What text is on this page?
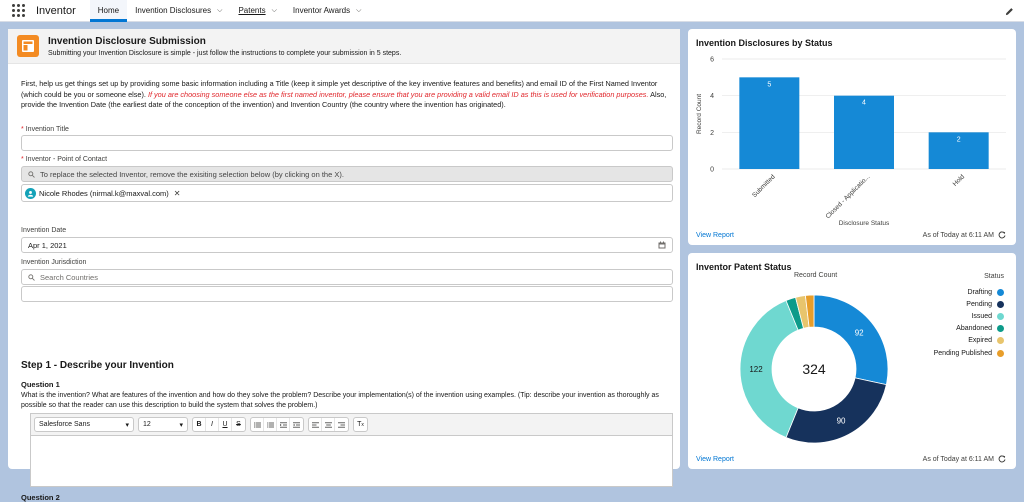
Inventor	Home Invention Disclosures ⌵ Patents ⌵ Inventor Awards ⌵
Invention Disclosure Submission
Submitting your Invention Disclosure is simple - just follow the instructions to complete your submission in 5 steps.
First, help us get things set up by providing some basic information including a Title (keep it simple yet descriptive of the key inventive features and benefits) and email ID of the First Named Inventor (which could be you or someone else). If you are choosing someone else as the first named inventor, please ensure that you are providing a valid email ID as this is used for verification purposes. Also, provide the Invention Date (the earliest date of the conception of the invention) and Invention Country (the country where the invention has originated).
* Invention Title
* Inventor - Point of Contact
To replace the selected Inventor, remove the exisiting selection below (by clicking on the X).
Nicole Rhodes (nirmal.k@maxval.com) ✕
Invention Date
Apr 1, 2021
Invention Jurisdiction
Search Countries
Step 1 - Describe your Invention
Question 1
What is the invention? What are features of the invention and how do they solve the problem? Describe your implementation(s) of the invention using examples. (Tip: describe your invention as thoroughly as possible so that the reader can use this description to build the system that solves the problem.)
Salesforce Sans	▾ 12	▾	B	I	U	S	T x
Question 2
Invention Disclosures by Status
0
2
4
6
Record Count
5
Submitted
4
Closed - Applicatio...
2
Hold
Disclosure Status
View Report	As of Today at 6:11 AM
Inventor Patent Status
Record Count
92
90
122	324
Status
Drafting
Pending
Issued
Abandoned
Expired
Pending Published
View Report	As of Today at 6:11 AM
